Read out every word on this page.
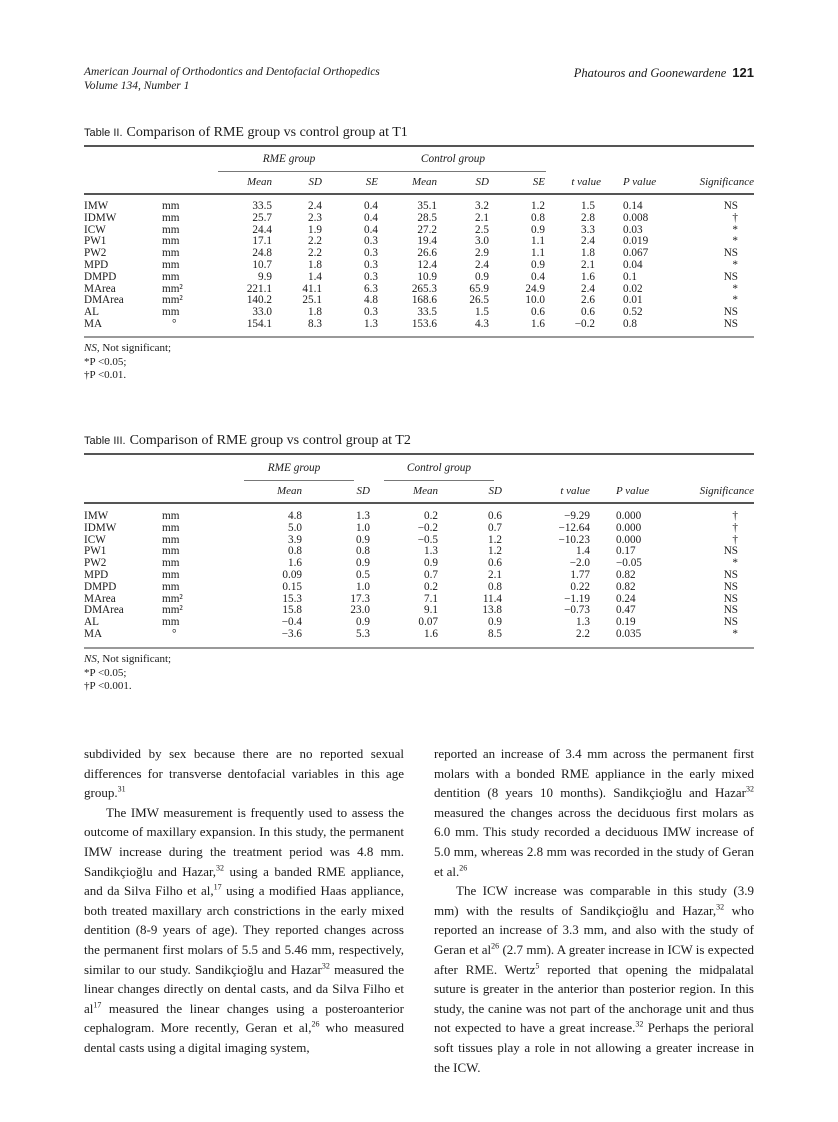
American Journal of Orthodontics and Dentofacial Orthopedics
Volume 134, Number 1
Phatouros and Goonewardene 121
Table II. Comparison of RME group vs control group at T1
RME group	Control group
		Mean	SD	SE	Mean	SD	SE	t value	P value	Significance

IMW	mm	33.5	2.4	0.4	35.1	3.2	1.2	1.5	0.14	NS
IDMW	mm	25.7	2.3	0.4	28.5	2.1	0.8	2.8	0.008	†
ICW	mm	24.4	1.9	0.4	27.2	2.5	0.9	3.3	0.03	*
PW1	mm	17.1	2.2	0.3	19.4	3.0	1.1	2.4	0.019	*
PW2	mm	24.8	2.2	0.3	26.6	2.9	1.1	1.8	0.067	NS
MPD	mm	10.7	1.8	0.3	12.4	2.4	0.9	2.1	0.04	*
DMPD	mm	9.9	1.4	0.3	10.9	0.9	0.4	1.6	0.1	NS
MArea	mm²	221.1	41.1	6.3	265.3	65.9	24.9	2.4	0.02	*
DMArea	mm²	140.2	25.1	4.8	168.6	26.5	10.0	2.6	0.01	*
AL	mm	33.0	1.8	0.3	33.5	1.5	0.6	0.6	0.52	NS
MA	°	154.1	8.3	1.3	153.6	4.3	1.6	−0.2	0.8	NS
NS, Not significant;
*P <0.05;
†P <0.01.
Table III. Comparison of RME group vs control group at T2
RME group	Control group
		Mean	SD	Mean	SD	t value	P value	Significance
IMW	mm	4.8	1.3	0.2	0.6	−9.29	0.000	†
IDMW	mm	5.0	1.0	−0.2	0.7	−12.64	0.000	†
ICW	mm	3.9	0.9	−0.5	1.2	−10.23	0.000	†
PW1	mm	0.8	0.8	1.3	1.2	1.4	0.17	NS
PW2	mm	1.6	0.9	0.9	0.6	−2.0	−0.05	*
MPD	mm	0.09	0.5	0.7	2.1	1.77	0.82	NS
DMPD	mm	0.15	1.0	0.2	0.8	0.22	0.82	NS
MArea	mm²	15.3	17.3	7.1	11.4	−1.19	0.24	NS
DMArea	mm²	15.8	23.0	9.1	13.8	−0.73	0.47	NS
AL	mm	−0.4	0.9	0.07	0.9	1.3	0.19	NS
MA	°	−3.6	5.3	1.6	8.5	2.2	0.035	*
NS, Not significant;
*P <0.05;
†P <0.001.

subdivided by sex because there are no reported sexual differences for transverse dentofacial variables in this age group.$^{31}$

The IMW measurement is frequently used to assess the outcome of maxillary expansion. In this study, the permanent IMW increase during the treatment period was 4.8 mm. Sandikçioğlu and Hazar,$^{32}$ using a banded RME appliance, and da Silva Filho et al,$^{17}$ using a modified Haas appliance, both treated maxillary arch constrictions in the early mixed dentition (8-9 years of age). They reported changes across the permanent first molars of 5.5 and 5.46 mm, respectively, similar to our study. Sandikçioğlu and Hazar$^{32}$ measured the linear changes directly on dental casts, and da Silva Filho et $al^{17}$ measured the linear changes using a posteroanterior cephalogram. More recently, Geran et al,$^{26}$ who measured dental casts using a digital imaging system,

reported an increase of 3.4 mm across the permanent first molars with a bonded RME appliance in the early mixed dentition (8 years 10 months). Sandikçioğlu and Hazar$^{32}$ measured the changes across the deciduous first molars as 6.0 mm. This study recorded a deciduous IMW increase of 5.0 mm, whereas 2.8 mm was recorded in the study of Geran et al.$^{26}$

The ICW increase was comparable in this study (3.9 mm) with the results of Sandikçioğlu and Hazar,$^{32}$ who reported an increase of 3.3 mm, and also with the study of Geran et $al^{26}$ (2.7 mm). A greater increase in ICW is expected after RME. Wertz$^5$ reported that opening the midpalatal suture is greater in the anterior than posterior region. In this study, the canine was not part of the anchorage unit and thus not expected to have a great increase.$^{32}$ Perhaps the perioral soft tissues play a role in not allowing a greater increase in the ICW.
